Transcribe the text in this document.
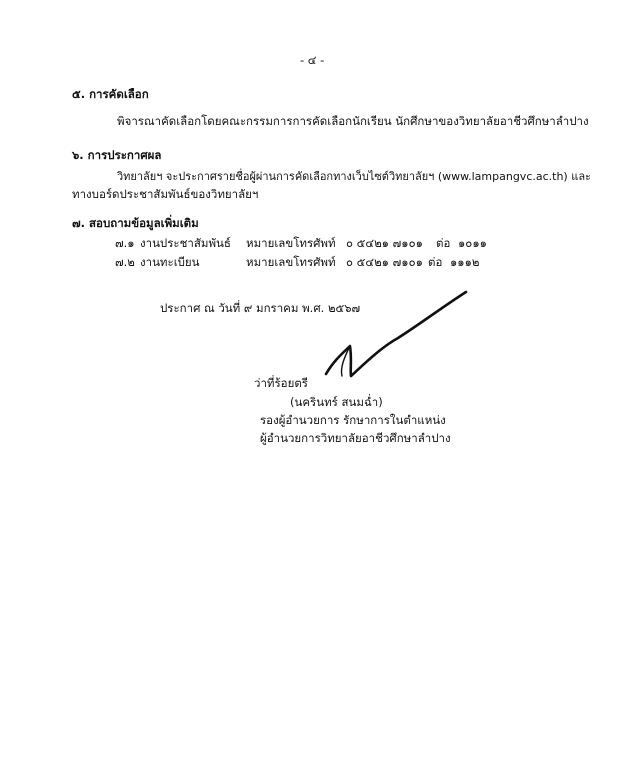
- ๔ -
๕. การคัดเลือก
พิจารณาคัดเลือกโดยคณะกรรมการการคัดเลือกนักเรียน นักศึกษาของวิทยาลัยอาชีวศึกษาลำปาง
๖. การประกาศผล
วิทยาลัยฯ จะประกาศรายชื่อผู้ผ่านการคัดเลือกทางเว็บไซต์วิทยาลัยฯ (www.lampangvc.ac.th) และ
ทางบอร์ดประชาสัมพันธ์ของวิทยาลัยฯ
๗. สอบถามข้อมูลเพิ่มเติม
๗.๑ งานประชาสัมพันธ์ หมายเลขโทรศัพท์ ๐ ๕๔๒๑ ๗๑๐๑ ต่อ ๑๐๑๑
๗.๒ งานทะเบียน	หมายเลขโทรศัพท์ ๐ ๕๔๒๑ ๗๑๐๑ ต่อ ๑๑๑๒
ประกาศ ณ วันที่ ๙ มกราคม พ.ศ. ๒๕๖๗
ว่าที่ร้อยตรี
(นครินทร์ สนมฉ่ำ)
รองผู้อำนวยการ รักษาการในตำแหน่ง
ผู้อำนวยการวิทยาลัยอาชีวศึกษาลำปาง
